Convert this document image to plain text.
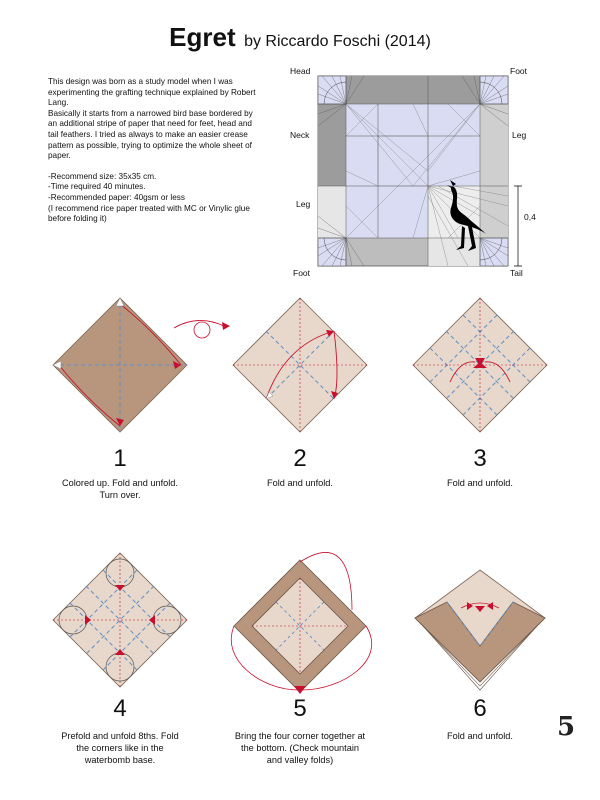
Egret by Riccardo Foschi (2014)

This design was born as a study model when I was experimenting the grafting technique explained by Robert Lang.

Basically it starts from a narrowed bird base bordered by an additional stripe of paper that need for feet, head and tail feathers. I tried as always to make an easier crease pattern as possible, trying to optimize the whole sheet of paper.

-Recommend size: 35x35 cm.

-Time required 40 minutes.

-Recommended paper: 40gsm or less

(I recommend rice paper treated with MC or Vinylic glue before folding it)

Head	Foot
Neck	Leg
Leg
Foot	Tail
0,4
1
Colored up. Fold and unfold.
Turn over.
2
Fold and unfold.
3
Fold and unfold.
4
Prefold and unfold 8ths. Fold
the corners like in the
waterbomb base.
5
Bring the four corner together at
the bottom. (Check mountain
and valley folds)
6
Fold and unfold.	5
